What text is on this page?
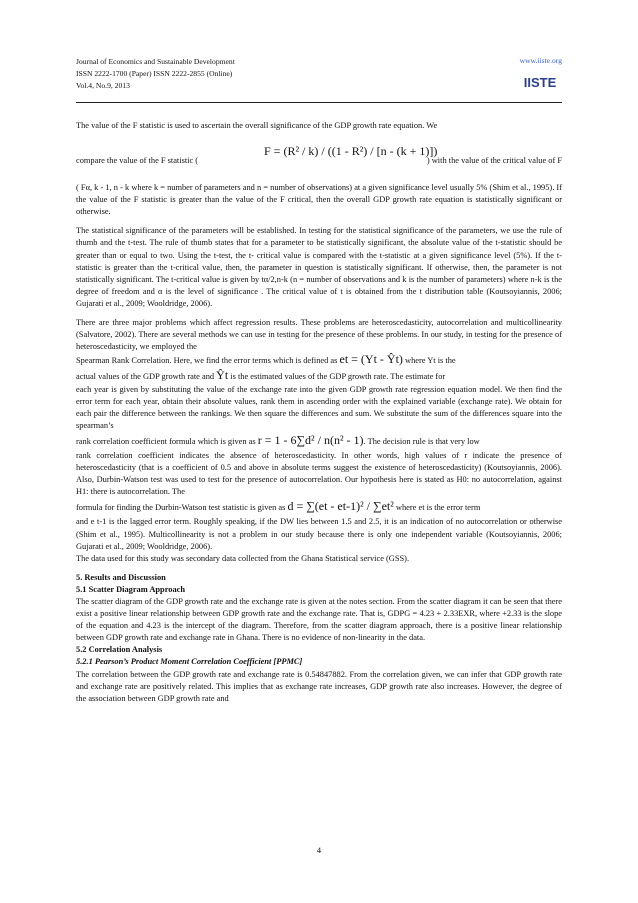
Journal of Economics and Sustainable Development
ISSN 2222-1700 (Paper) ISSN 2222-2855 (Online)
Vol.4, No.9, 2013
www.iiste.org
IISTE

The value of the F statistic is used to ascertain the overall significance of the GDP growth rate equation. We

compare the value of the F statistic (
F = (R² / k) / ((1 - R²) / [n - (k + 1)])
) with the value of the critical value of F

( Fα, k - 1, n - k where k = number of parameters and n = number of observations) at a given significance level usually 5% (Shim et al., 1995). If the value of the F statistic is greater than the value of the F critical, then the overall GDP growth rate equation is statistically significant or otherwise.

The statistical significance of the parameters will be established. In testing for the statistical significance of the parameters, we use the rule of thumb and the t-test. The rule of thumb states that for a parameter to be statistically significant, the absolute value of the t-statistic should be greater than or equal to two. Using the t-test, the t- critical value is compared with the t-statistic at a given significance level (5%). If the t-statistic is greater than the t-critical value, then, the parameter in question is statistically significant. If otherwise, then, the parameter is not statistically significant. The t-critical value is given by tα/2,n-k (n = number of observations and k is the number of parameters) where n-k is the degree of freedom and α is the level of significance . The critical value of t is obtained from the t distribution table (Koutsoyiannis, 2006; Gujarati et al., 2009; Wooldridge, 2006).

There are three major problems which affect regression results. These problems are heteroscedasticity, autocorrelation and multicollinearity (Salvatore, 2002). There are several methods we can use in testing for the presence of these problems. In our study, in testing for the presence of heteroscedasticity, we employed the

Spearman Rank Correlation. Here, we find the error terms which is defined as et = (Yt - Ŷt) where Yt is the

actual values of the GDP growth rate and Ŷt is the estimated values of the GDP growth rate. The estimate for

each year is given by substituting the value of the exchange rate into the given GDP growth rate regression equation model. We then find the error term for each year, obtain their absolute values, rank them in ascending order with the explained variable (exchange rate). We obtain for each pair the difference between the rankings. We then square the differences and sum. We substitute the sum of the differences square into the spearman’s

rank correlation coefficient formula which is given as r = 1 - 6∑d² / n(n² - 1). The decision rule is that very low

rank correlation coefficient indicates the absence of heteroscedasticity. In other words, high values of r indicate the presence of heteroscedasticity (that is a coefficient of 0.5 and above in absolute terms suggest the existence of heteroscedasticity) (Koutsoyiannis, 2006). Also, Durbin-Watson test was used to test for the presence of autocorrelation. Our hypothesis here is stated as H0: no autocorrelation, against H1: there is autocorrelation. The

formula for finding the Durbin-Watson test statistic is given as d = ∑(et - et-1)² / ∑et² where et is the error term

and e t-1 is the lagged error term. Roughly speaking, if the DW lies between 1.5 and 2.5, it is an indication of no autocorrelation or otherwise (Shim et al., 1995). Multicollinearity is not a problem in our study because there is only one independent variable (Koutsoyiannis, 2006; Gujarati et al., 2009; Wooldridge, 2006).

The data used for this study was secondary data collected from the Ghana Statistical service (GSS).

5. Results and Discussion
5.1 Scatter Diagram Approach

The scatter diagram of the GDP growth rate and the exchange rate is given at the notes section. From the scatter diagram it can be seen that there exist a positive linear relationship between GDP growth rate and the exchange rate. That is, GDPG = 4.23 + 2.33EXR, where +2.33 is the slope of the equation and 4.23 is the intercept of the diagram. Therefore, from the scatter diagram approach, there is a positive linear relationship between GDP growth rate and exchange rate in Ghana. There is no evidence of non-linearity in the data.

5.2 Correlation Analysis
5.2.1 Pearson’s Product Moment Correlation Coefficient [PPMC]

The correlation between the GDP growth rate and exchange rate is 0.54847882. From the correlation given, we can infer that GDP growth rate and exchange rate are positively related. This implies that as exchange rate increases, GDP growth rate also increases. However, the degree of the association between GDP growth rate and

4
